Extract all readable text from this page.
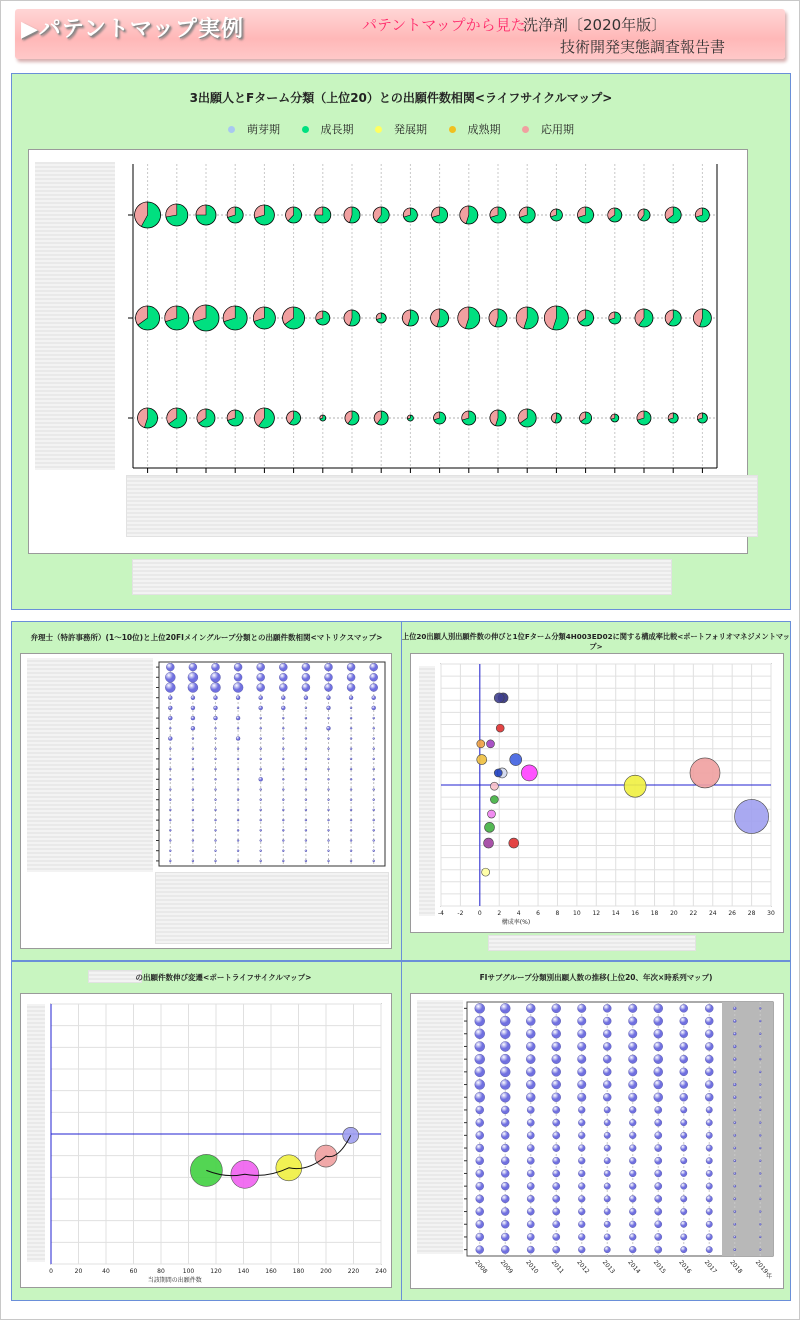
▶パテントマップ実例	パテントマップから見た
洗浄剤〔2020年版〕
技術開発実態調査報告書
3出願人とFターム分類（上位20）との出願件数相関<ライフサイクルマップ>
萌芽期	成長期	発展期	成熟期	応用期
弁理士（特許事務所）(1～10位)と上位20FIメイングループ分類との出願件数相関<マトリクスマップ>	上位20出願人別出願件数の伸びと1位Fターム分類4H003ED02に関する構成率比較<ポートフォリオマネジメントマップ>
-4 -2 0	2	4	6	8 10 12 14 16 18 20 22 24 26 28 30
構成率(%)
の出願件数伸び変遷<ポートライフサイクルマップ>
0	20	40	60	80	100	120	140	160	180	200	220	240
当該期間の出願件数
FIサブグループ分類別出願人数の推移(上位20、年次×時系列マップ)
2008 2009 2010 2011 2012 2013 2014 2015 2016 2017 2018 2019
年
